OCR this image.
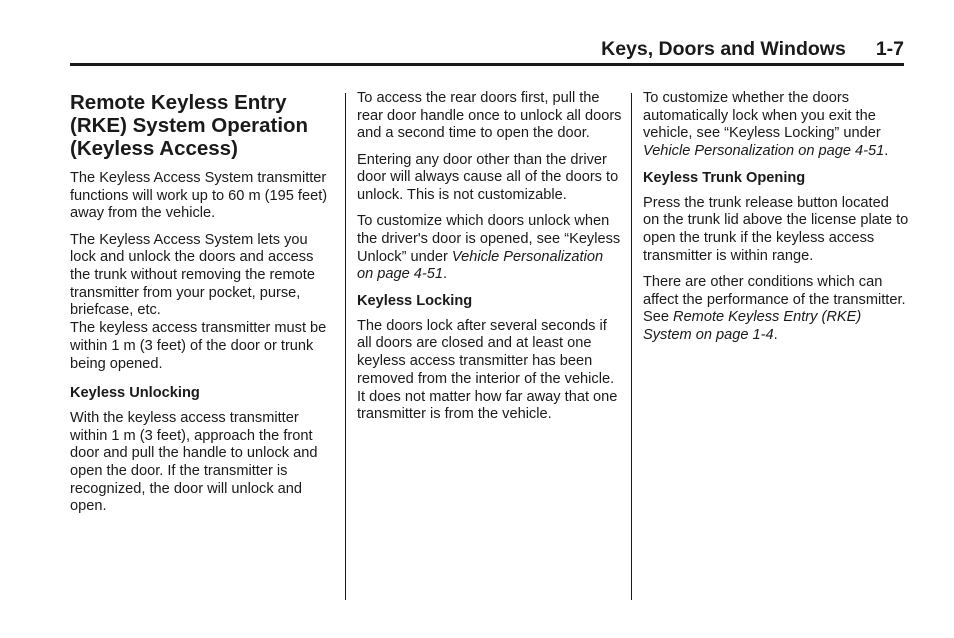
Keys, Doors and Windows 1-7
Remote Keyless Entry (RKE) System Operation (Keyless Access)

The Keyless Access System transmitter functions will work up to 60 m (195 feet) away from the vehicle.

The Keyless Access System lets you lock and unlock the doors and access the trunk without removing the remote transmitter from your pocket, purse, briefcase, etc.

The keyless access transmitter must be within 1 m (3 feet) of the door or trunk being opened.

Keyless Unlocking

With the keyless access transmitter within 1 m (3 feet), approach the front door and pull the handle to unlock and open the door. If the transmitter is recognized, the door will unlock and open.

To access the rear doors first, pull the rear door handle once to unlock all doors and a second time to open the door.

Entering any door other than the driver door will always cause all of the doors to unlock. This is not customizable.

To customize which doors unlock when the driver's door is opened, see “Keyless Unlock” under Vehicle Personalization on page 4-51.

Keyless Locking

The doors lock after several seconds if all doors are closed and at least one keyless access transmitter has been removed from the interior of the vehicle. It does not matter how far away that one transmitter is from the vehicle.

To customize whether the doors automatically lock when you exit the vehicle, see “Keyless Locking” under Vehicle Personalization on page 4-51.

Keyless Trunk Opening

Press the trunk release button located on the trunk lid above the license plate to open the trunk if the keyless access transmitter is within range.

There are other conditions which can affect the performance of the transmitter. See Remote Keyless Entry (RKE) System on page 1-4.
